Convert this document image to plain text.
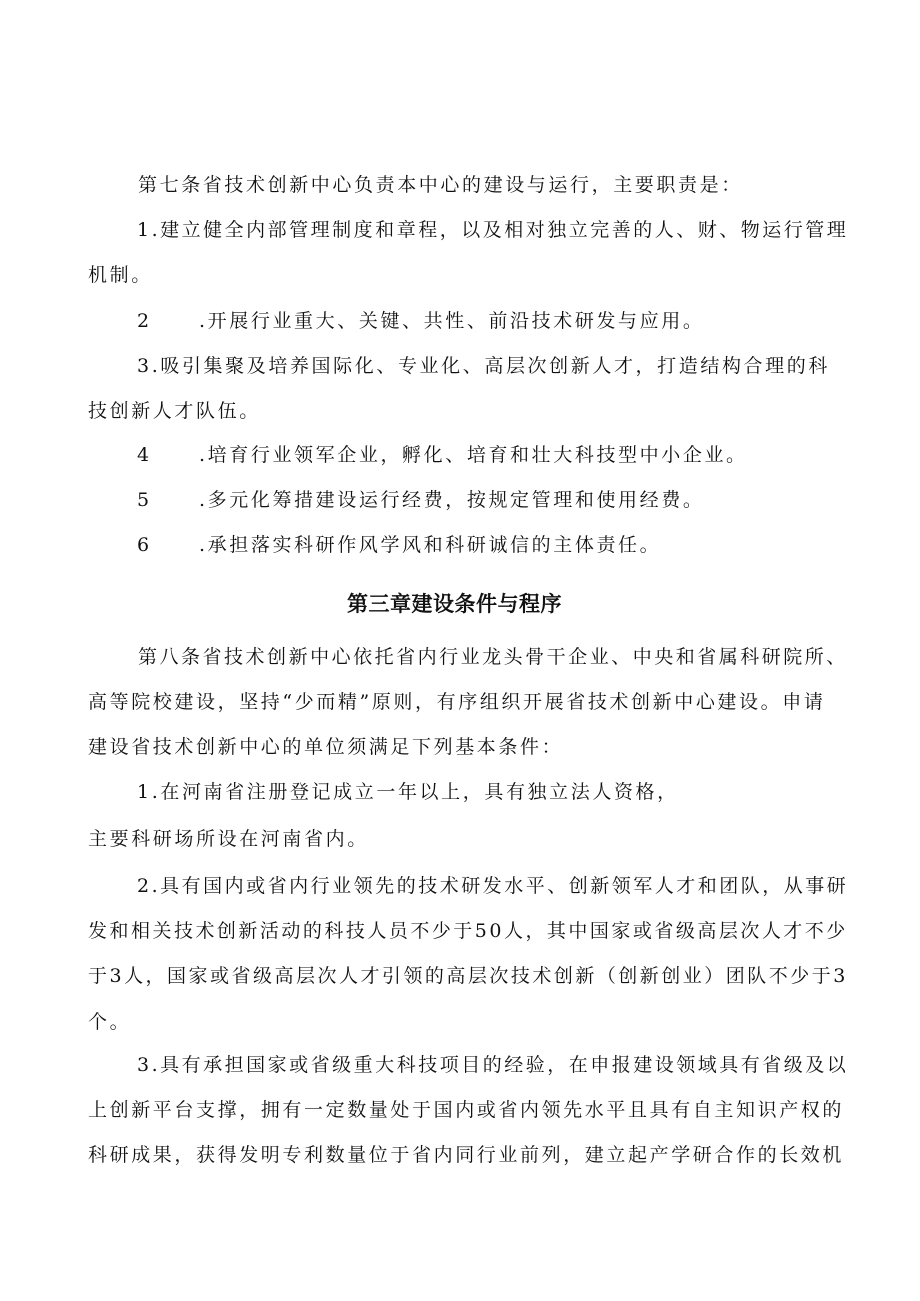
第七条省技术创新中心负责本中心的建设与运行，主要职责是：
1.建立健全内部管理制度和章程，以及相对独立完善的人、财、物运行管理
机制。
2 .开展行业重大、关键、共性、前沿技术研发与应用。
3.吸引集聚及培养国际化、专业化、高层次创新人才，打造结构合理的科
技创新人才队伍。
4 .培育行业领军企业，孵化、培育和壮大科技型中小企业。
5 .多元化筹措建设运行经费，按规定管理和使用经费。
6 .承担落实科研作风学风和科研诚信的主体责任。
第三章建设条件与程序
第八条省技术创新中心依托省内行业龙头骨干企业、中央和省属科研院所、
高等院校建设，坚持“少而精”原则，有序组织开展省技术创新中心建设。申请
建设省技术创新中心的单位须满足下列基本条件：
1.在河南省注册登记成立一年以上，具有独立法人资格，
主要科研场所设在河南省内。
2.具有国内或省内行业领先的技术研发水平、创新领军人才和团队，从事研
发和相关技术创新活动的科技人员不少于50人，其中国家或省级高层次人才不少
于3人，国家或省级高层次人才引领的高层次技术创新（创新创业）团队不少于3
个。
3.具有承担国家或省级重大科技项目的经验，在申报建设领域具有省级及以
上创新平台支撑，拥有一定数量处于国内或省内领先水平且具有自主知识产权的
科研成果，获得发明专利数量位于省内同行业前列，建立起产学研合作的长效机
